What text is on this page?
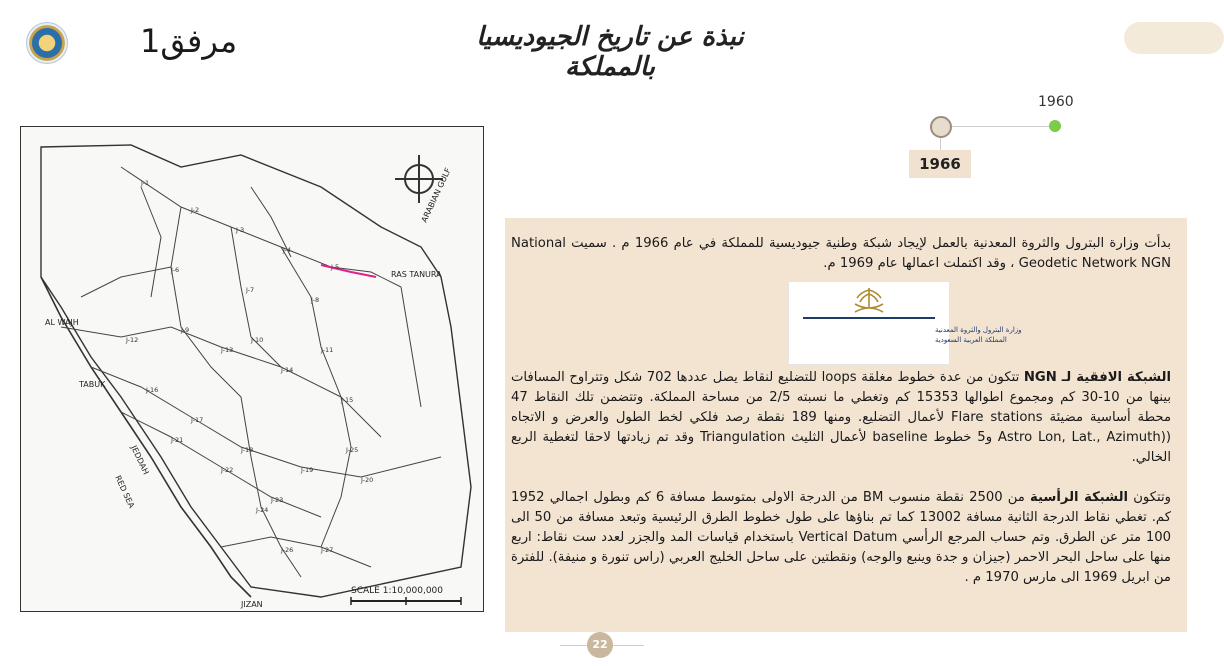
مرفق1	نبذة عن تاريخ الجيوديسيا بالمملكة
ARABIAN GULF
RED SEA
AL WAJH
TABUK
JEDDAH
JIZAN
RAS TANURA
SCALE 1:10,000,000
J-1
J-2
J-3
J-4
J-5
J-6
J-7
J-8
J-9
J-10
J-11
J-12
J-13
J-14
J-15
J-16
J-17
J-18
J-19
J-20
J-21
J-22
J-23
J-24
J-25
J-26	J-27
1960
1966
بدأت وزارة البترول والثروة المعدنية بالعمل لإيجاد شبكة وطنية جيوديسية للمملكة في عام 1966 م . سميت National Geodetic Network NGN ، وقد اكتملت اعمالها عام 1969 م.
وزارة البترول والثروة المعدنية
المملكة العربية السعودية
الشبكة الافقية لـ NGN تتكون من عدة خطوط مغلقة loops للتضليع لنقاط يصل عددها 702 شكل وتتراوح المسافات بينها من 10-30 كم ومجموع اطوالها 15353 كم وتغطي ما نسبته 2/5 من مساحة المملكة. وتتضمن تلك النقاط 47 محطة أساسية مضيئة Flare stations لأعمال التضليع. ومنها 189 نقطة رصد فلكي لخط الطول والعرض و الاتجاه ((Astro Lon, Lat., Azimuth و5 خطوط baseline لأعمال الثليث Triangulation وقد تم زيادتها لاحقا لتغطية الربع الخالي.
وتتكون الشبكة الرأسية من 2500 نقطة منسوب BM من الدرجة الاولى بمتوسط مسافة 6 كم وبطول اجمالي 1952 كم. تغطي نقاط الدرجة الثانية مسافة 13002 كما تم بناؤها على طول خطوط الطرق الرئيسية وتبعد مسافة من 50 الى 100 متر عن الطرق. وتم حساب المرجع الرأسي Vertical Datum باستخدام قياسات المد والجزر لعدد ست نقاط: اربع منها على ساحل البحر الاحمر (جيزان و جدة وينبع والوجه) ونقطتين على ساحل الخليج العربي (راس تنورة و منيفة). للفترة من ابريل 1969 الى مارس 1970 م .
22
